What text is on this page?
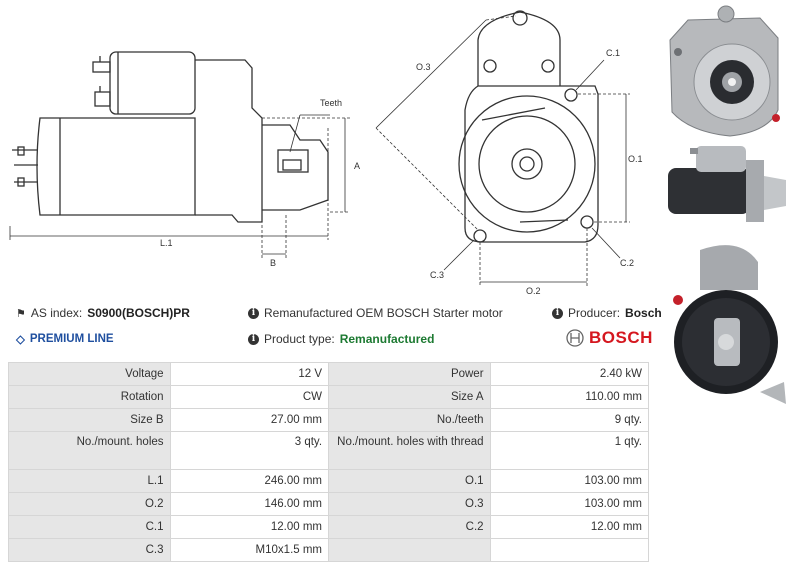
Teeth
A
B
L.1
O.3
C.1
O.1
C.2
C.3
O.2
⚑ AS index: S0900(BOSCH)PR	i Remanufactured OEM BOSCH Starter motor	i Producer: Bosch
◇ PREMIUM LINE	i Product type: Remanufactured	BOSCH
Voltage	12 V	Power	2.40 kW
Rotation	CW	Size A	110.00 mm
Size B	27.00 mm	No./teeth	9 qty.
No./mount. holes	3 qty.	No./mount. holes with thread	1 qty.
L.1	246.00 mm	O.1	103.00 mm
O.2	146.00 mm	O.3	103.00 mm
C.1	12.00 mm	C.2	12.00 mm
C.3	M10x1.5 mm		
